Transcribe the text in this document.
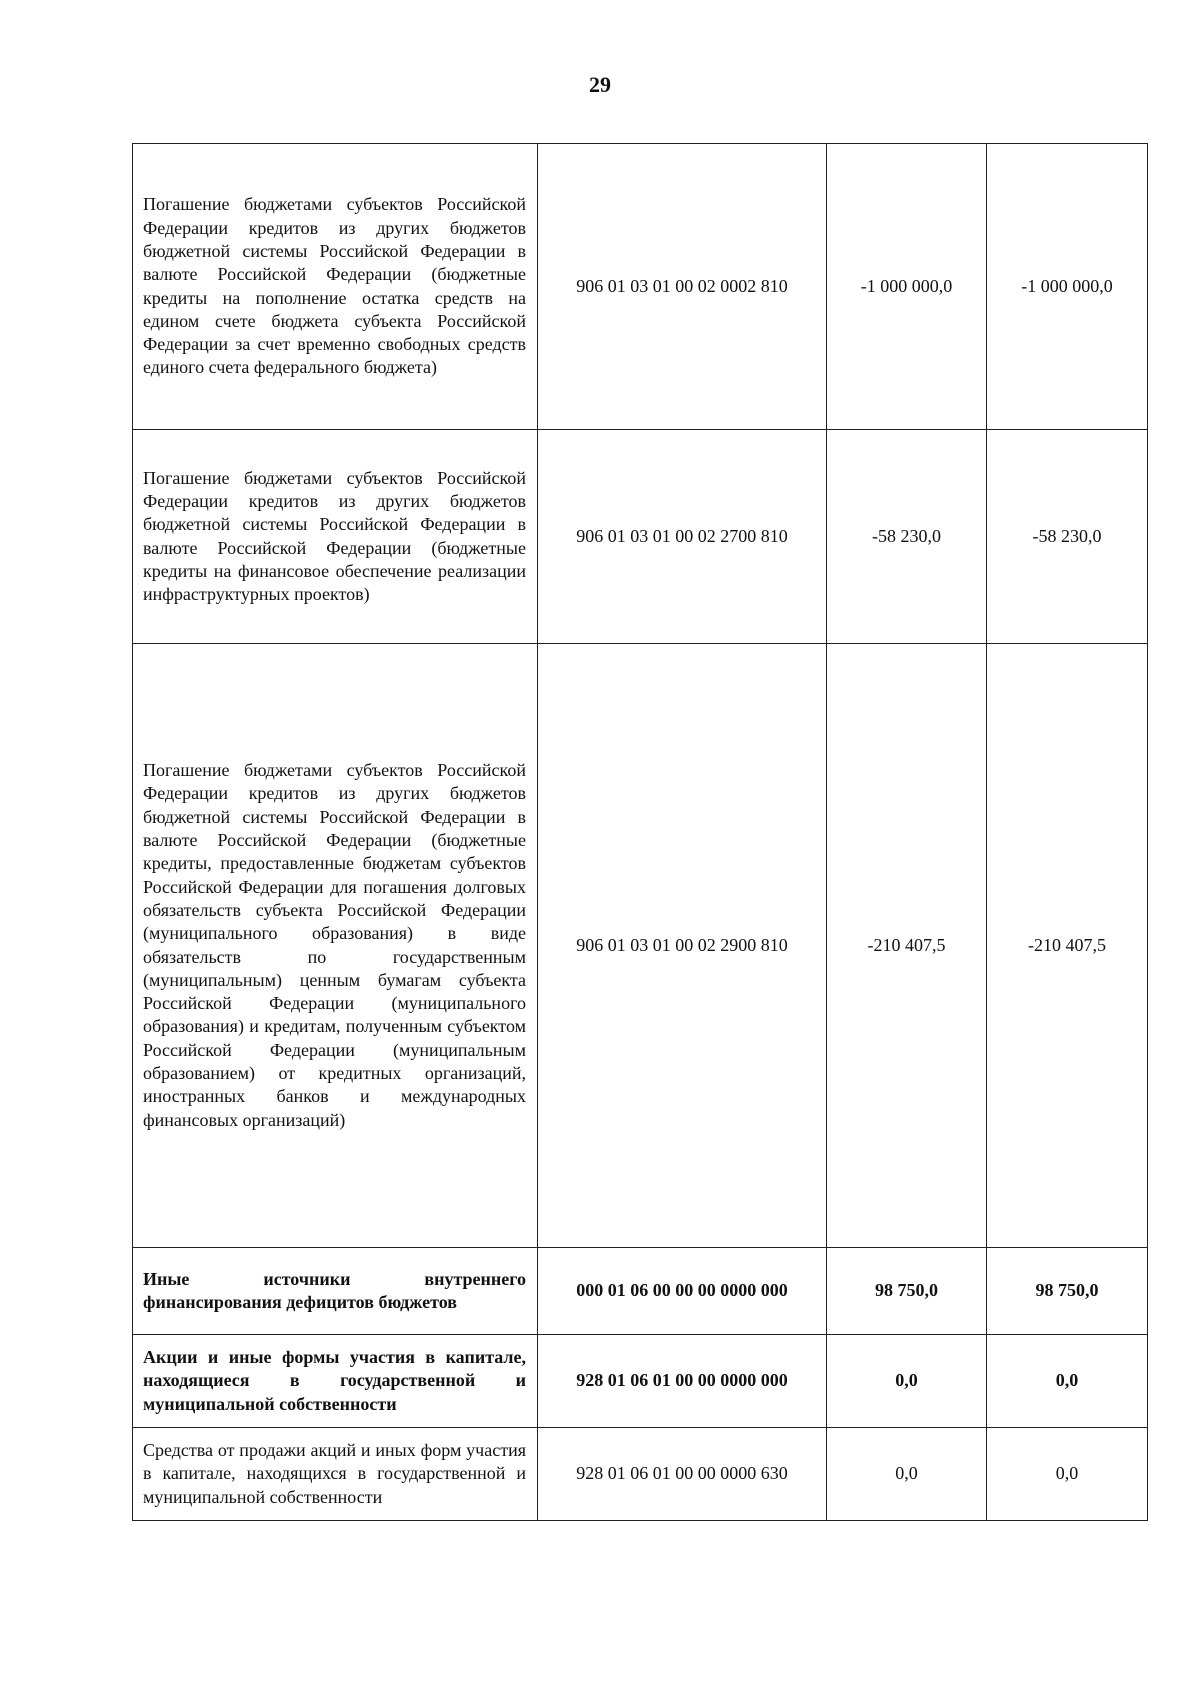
29
Погашение бюджетами субъектов Российской Федерации кредитов из других бюджетов бюджетной системы Российской Федерации в валюте Российской Федерации (бюджетные кредиты на пополнение остатка средств на едином счете бюджета субъекта Российской Федерации за счет временно свободных средств единого счета федерального бюджета)	906 01 03 01 00 02 0002 810	-1 000 000,0	-1 000 000,0

Погашение бюджетами субъектов Российской Федерации кредитов из других бюджетов бюджетной системы Российской Федерации в валюте Российской Федерации (бюджетные кредиты на финансовое обеспечение реализации инфраструктурных проектов)	906 01 03 01 00 02 2700 810	-58 230,0	-58 230,0

Погашение бюджетами субъектов Российской Федерации кредитов из других бюджетов бюджетной системы Российской Федерации в валюте Российской Федерации (бюджетные кредиты, предоставленные бюджетам субъектов Российской Федерации для погашения долговых обязательств субъекта Российской Федерации (муниципального образования) в виде обязательств по государственным (муниципальным) ценным бумагам субъекта Российской Федерации (муниципального образования) и кредитам, полученным субъектом Российской Федерации (муниципальным образованием) от кредитных организаций, иностранных банков и международных финансовых организаций)	906 01 03 01 00 02 2900 810	-210 407,5	-210 407,5

Иные источники внутреннего финансирования дефицитов бюджетов	000 01 06 00 00 00 0000 000	98 750,0	98 750,0

Акции и иные формы участия в капитале, находящиеся в государственной и муниципальной собственности	928 01 06 01 00 00 0000 000	0,0	0,0

Средства от продажи акций и иных форм участия в капитале, находящихся в государственной и муниципальной собственности	928 01 06 01 00 00 0000 630	0,0	0,0
